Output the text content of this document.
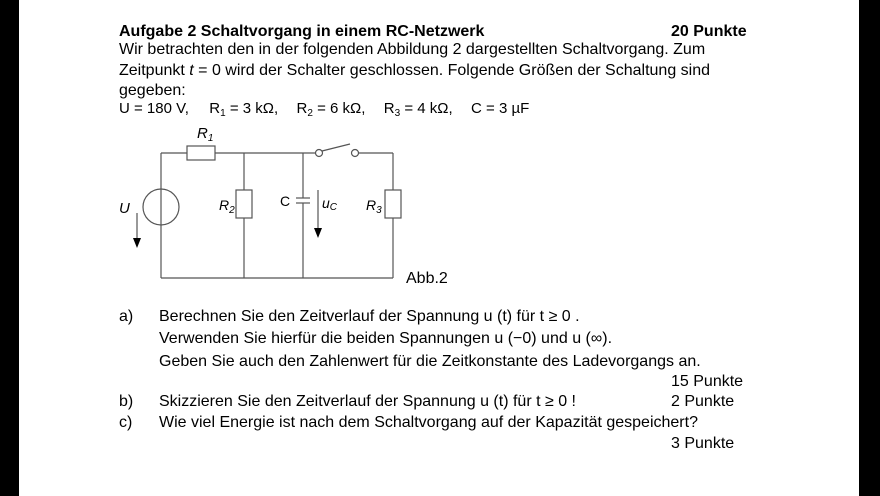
Aufgabe 2 Schaltvorgang in einem RC-Netzwerk	20 Punkte
Wir betrachten den in der folgenden Abbildung 2 dargestellten Schaltvorgang. Zum
Zeitpunkt t = 0 wird der Schalter geschlossen. Folgende Größen der Schaltung sind
gegeben:
U = 180 V, $R_1 = 3$ kΩ, $R_2 = 6$ kΩ, $R_3 = 4$ kΩ, C = 3 µF
$R_1$
U	$R_2$
C uC $R_3$
Abb.2
a) Berechnen Sie den Zeitverlauf der Spannung u (t) für t ≥ 0 .
Verwenden Sie hierfür die beiden Spannungen u (−0) und u (∞).
Geben Sie auch den Zahlenwert für die Zeitkonstante des Ladevorgangs an.
15 Punkte
b) Skizzieren Sie den Zeitverlauf der Spannung u (t) für t ≥ 0 !	2 Punkte
c) Wie viel Energie ist nach dem Schaltvorgang auf der Kapazität gespeichert?
3 Punkte
